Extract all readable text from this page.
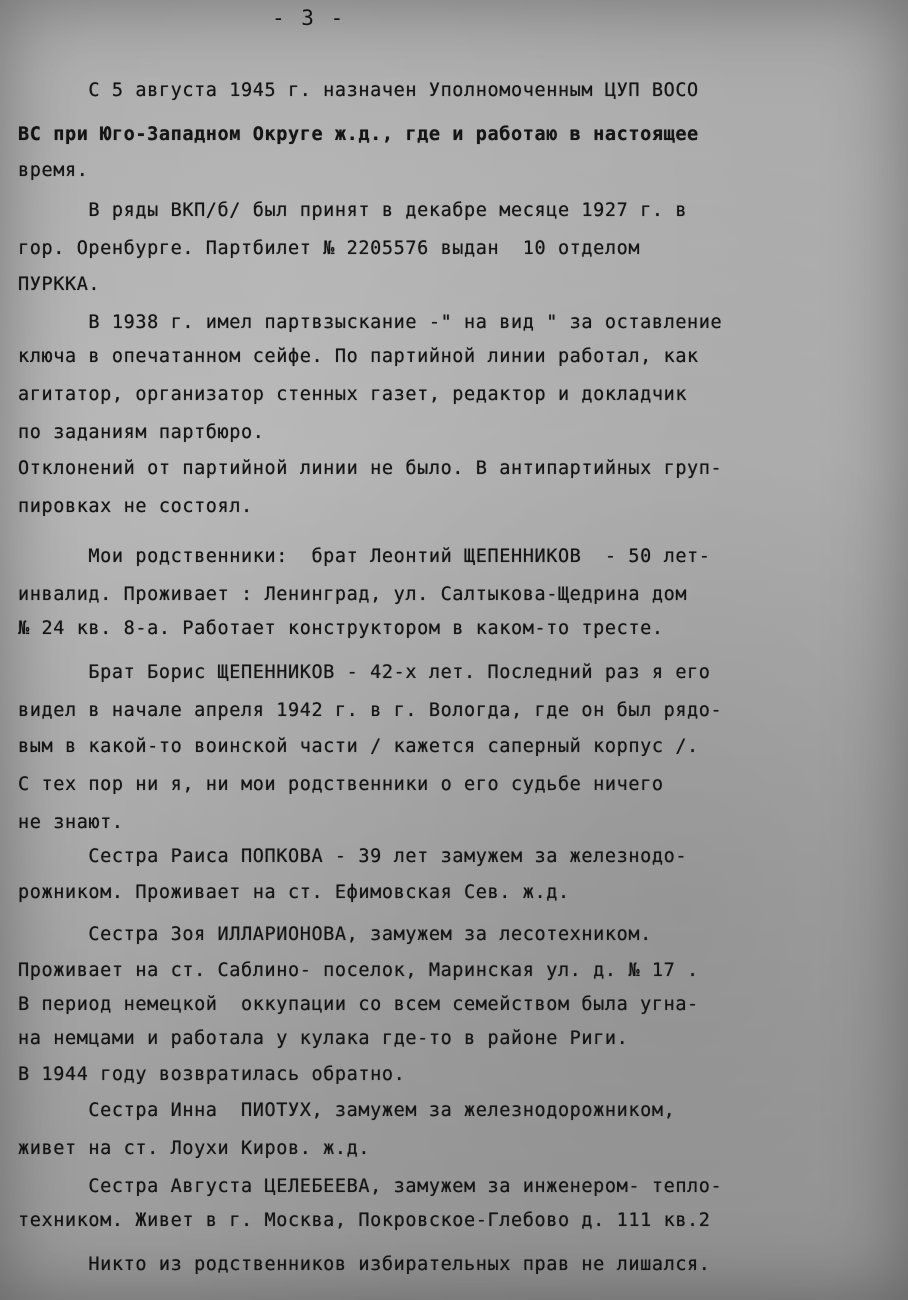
- 3 -
С 5 августа 1945 г. назначен Уполномоченным ЦУП ВОСО
ВС при Юго-Западном Округе ж.д., где и работаю в настоящее
время.
В ряды ВКП/б/ был принят в декабре месяце 1927 г. в
гор. Оренбурге. Партбилет № 2205576 выдан  10 отделом
ПУРККА.
В 1938 г. имел партвзыскание -" на вид " за оставление
ключа в опечатанном сейфе. По партийной линии работал, как
агитатор, организатор стенных газет, редактор и докладчик
по заданиям партбюро.
Отклонений от партийной линии не было. В антипартийных груп-
пировках не состоял.
Мои родственники:  брат Леонтий ЩЕПЕННИКОВ  - 50 лет-
инвалид. Проживает : Ленинград, ул. Салтыкова-Щедрина дом
№ 24 кв. 8-а. Работает конструктором в каком-то тресте.
Брат Борис ЩЕПЕННИКОВ - 42-х лет. Последний раз я его
видел в начале апреля 1942 г. в г. Вологда, где он был рядо-
вым в какой-то воинской части / кажется саперный корпус /.
С тех пор ни я, ни мои родственники о его судьбе ничего
не знают.
Сестра Раиса ПОПКОВА - 39 лет замужем за железнодо-
рожником. Проживает на ст. Ефимовская Сев. ж.д.
Сестра Зоя ИЛЛАРИОНОВА, замужем за лесотехником.
Проживает на ст. Саблино- поселок, Маринская ул. д. № 17 .
В период немецкой  оккупации со всем семейством была угна-
на немцами и работала у кулака где-то в районе Риги.
В 1944 году возвратилась обратно.
Сестра Инна  ПИОТУХ, замужем за железнодорожником,
живет на ст. Лоухи Киров. ж.д.
Сестра Августа ЦЕЛЕБЕЕВА, замужем за инженером- тепло-
техником. Живет в г. Москва, Покровское-Глебово д. 111 кв.2
Никто из родственников избирательных прав не лишался.
